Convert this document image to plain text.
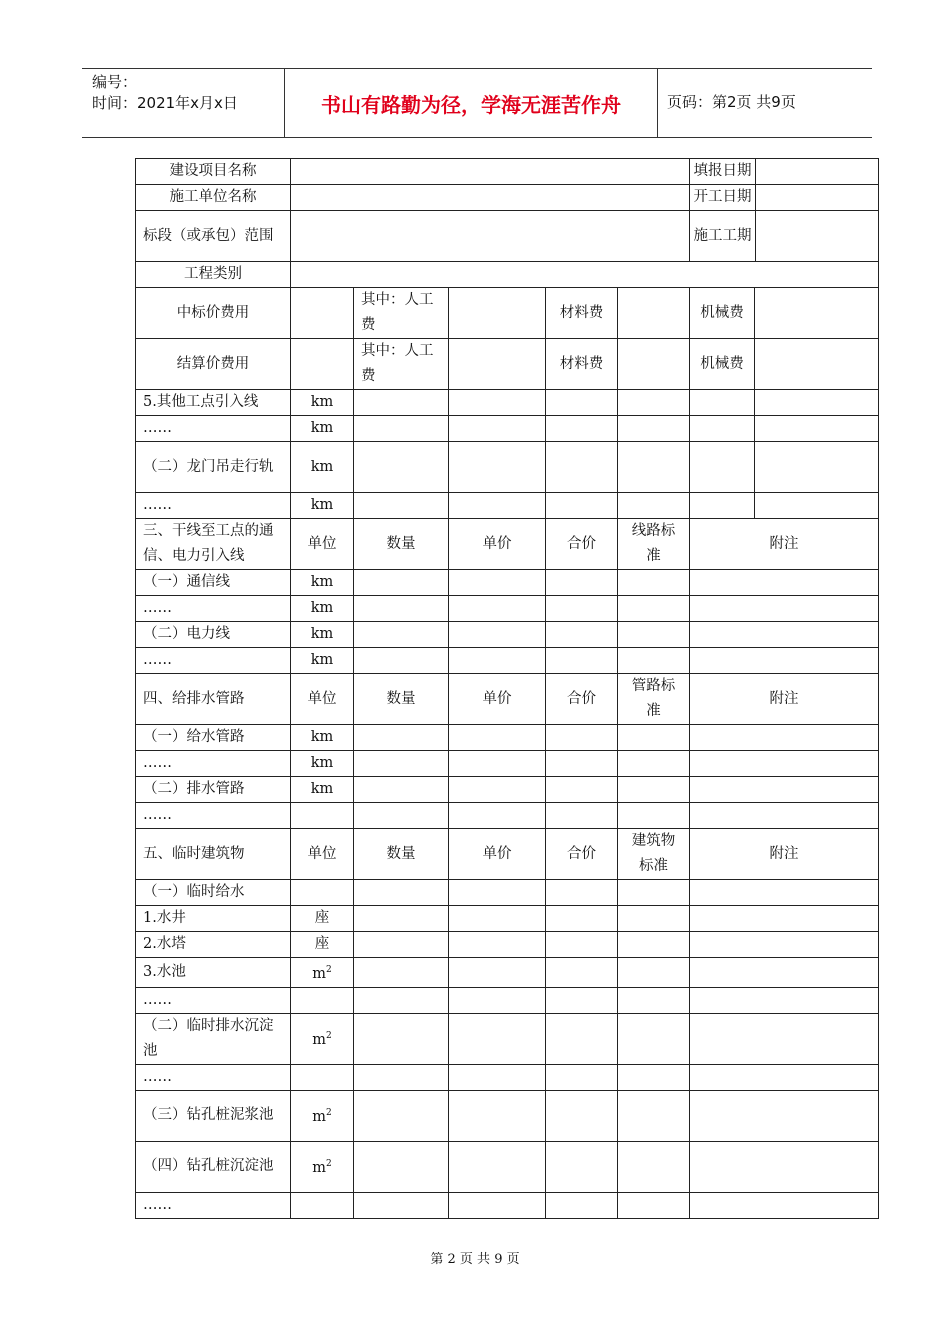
编号：
时间：2021年x月x日	书山有路勤为径，学海无涯苦作舟	页码：第2页 共9页
建设项目名称						填报日期	

施工单位名称						开工日期	

标段（或承包）范围						施工工期	

工程类别							
中标价费用		其中：人工费		材料费		机械费	
结算价费用		其中：人工费		材料费		机械费	
5.其他工点引入线	km						
……	km						
（二）龙门吊走行轨	km						
……	km						
三、干线至工点的通信、电力引入线	单位	数量	单价	合价	线路标准	附注	
（一）通信线	km						
……	km						
（二）电力线	km						
……	km						
四、给排水管路	单位	数量	单价	合价	管路标准	附注	
（一）给水管路	km						
……	km						
（二）排水管路	km						
……							
五、临时建筑物	单位	数量	单价	合价	建筑物标准	附注	
（一）临时给水							
1.水井	座						
2.水塔	座						
3.水池	$m^2$					
……							
（二）临时排水沉淀池	$m^2$					
……							
（三）钻孔桩泥浆池	$m^2$					
（四）钻孔桩沉淀池	$m^2$					
……							
第 2 页 共 9 页
